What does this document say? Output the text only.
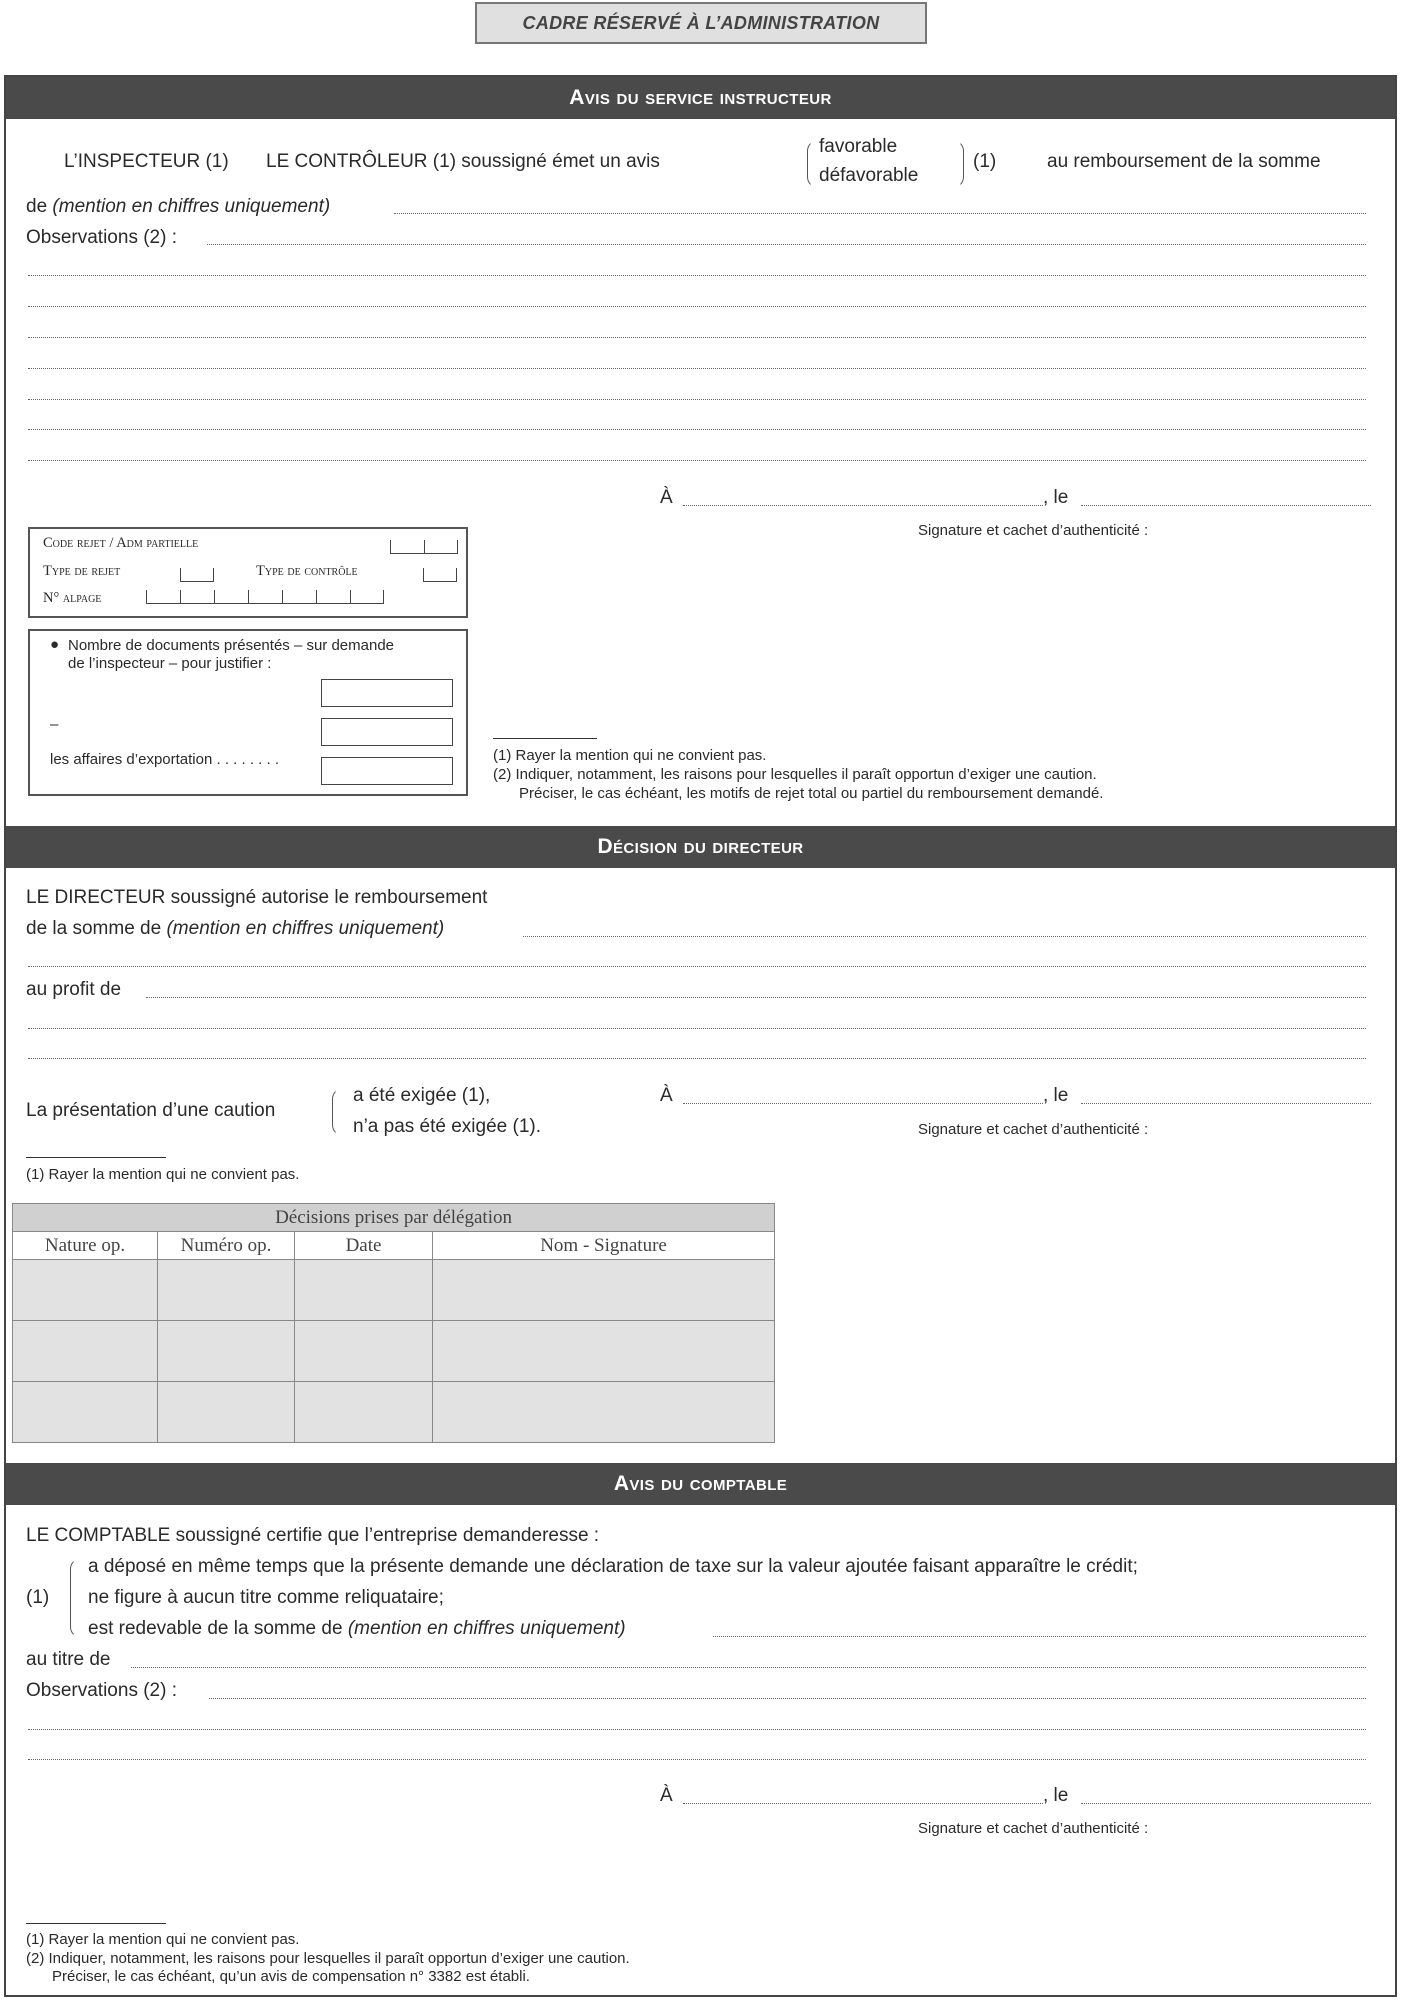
CADRE RÉSERVÉ À L’ADMINISTRATION
Avis du service instructeur
L’INSPECTEUR (1) LE CONTRÔLEUR (1) soussigné émet un avis
favorable
défavorable
(1)	au remboursement de la somme
de (mention en chiffres uniquement)
Observations (2) :
À	, le
Signature et cachet d’authenticité :
Code rejet / Adm partielle
Type de rejet	Type de contrôle
N° alpage
● Nombre de documents présentés – sur demande
de l’inspecteur – pour justifier :
–
les affaires d’exportation . . . . . . . .	(1) Rayer la mention qui ne convient pas.
(2) Indiquer, notamment, les raisons pour lesquelles il paraît opportun d’exiger une caution.
Préciser, le cas échéant, les motifs de rejet total ou partiel du remboursement demandé.
Décision du directeur
LE DIRECTEUR soussigné autorise le remboursement
de la somme de (mention en chiffres uniquement)
au profit de
La présentation d’une caution
a été exigée (1),
n’a pas été exigée (1).
À	, le
Signature et cachet d’authenticité :
(1) Rayer la mention qui ne convient pas.
Décisions prises par délégation			
Nature op.	Numéro op.	Date	Nom - Signature

Avis du comptable
LE COMPTABLE soussigné certifie que l’entreprise demanderesse :
(1)
a déposé en même temps que la présente demande une déclaration de taxe sur la valeur ajoutée faisant apparaître le crédit;
ne figure à aucun titre comme reliquataire;
est redevable de la somme de (mention en chiffres uniquement)
au titre de
Observations (2) :
À	, le
Signature et cachet d’authenticité :
(1) Rayer la mention qui ne convient pas.
(2) Indiquer, notamment, les raisons pour lesquelles il paraît opportun d’exiger une caution.
Préciser, le cas échéant, qu’un avis de compensation n° 3382 est établi.
